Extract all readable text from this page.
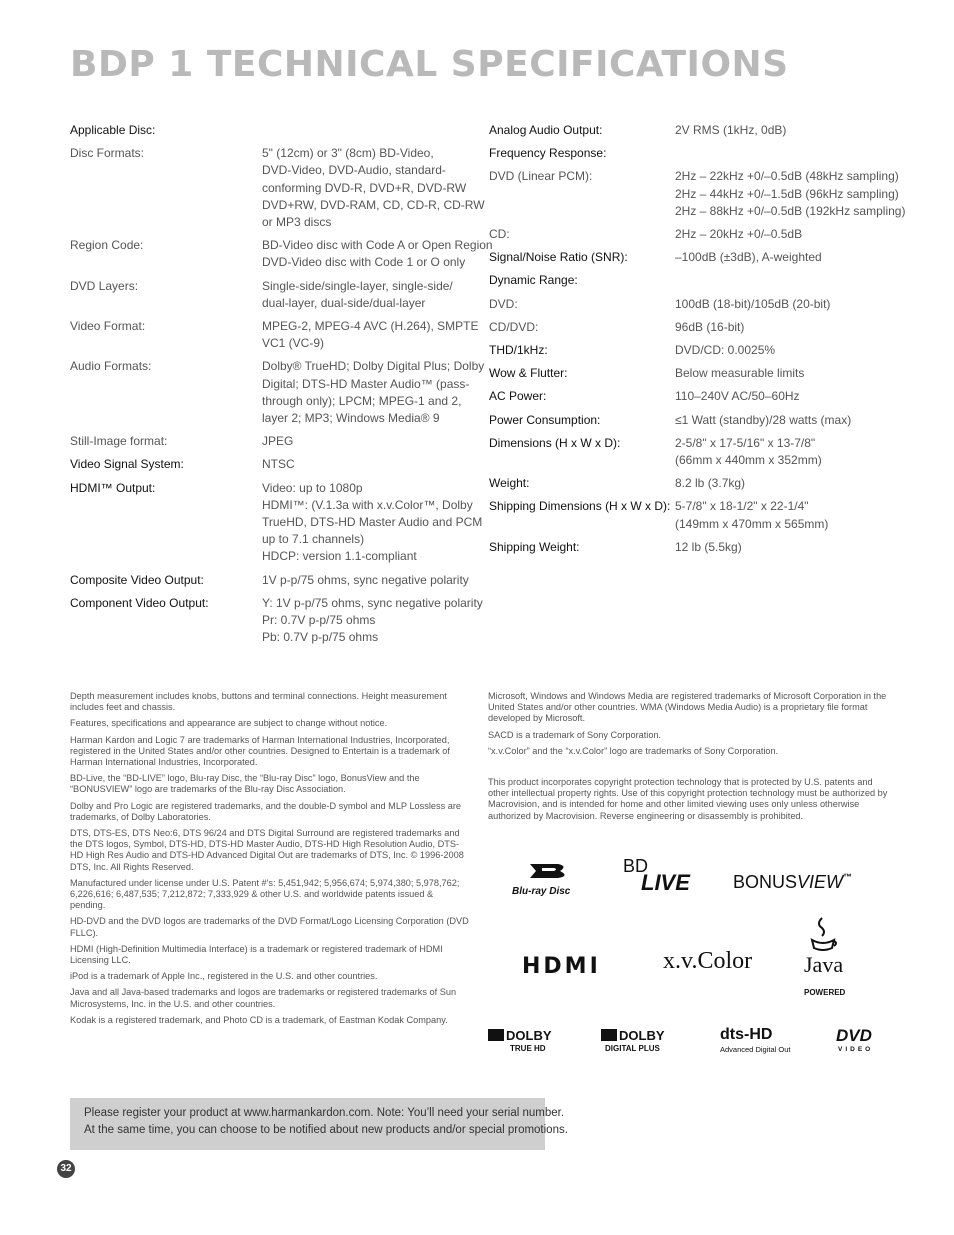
BDP 1 TECHNICAL SPECIFICATIONS
Applicable Disc:
Disc Formats:	5" (12cm) or 3" (8cm) BD-Video,
DVD-Video, DVD-Audio, standard-
conforming DVD-R, DVD+R, DVD-RW
DVD+RW, DVD-RAM, CD, CD-R, CD-RW
or MP3 discs
Region Code:	BD-Video disc with Code A or Open Region
DVD-Video disc with Code 1 or O only
DVD Layers:	Single-side/single-layer, single-side/
dual-layer, dual-side/dual-layer
Video Format:	MPEG-2, MPEG-4 AVC (H.264), SMPTE
VC1 (VC-9)
Audio Formats:	Dolby® TrueHD; Dolby Digital Plus; Dolby
Digital; DTS-HD Master Audio™ (pass-
through only); LPCM; MPEG-1 and 2,
layer 2; MP3; Windows Media® 9
Still-Image format:	JPEG
Video Signal System:	NTSC
HDMI™ Output:	Video: up to 1080p
HDMI™: (V.1.3a with x.v.Color™, Dolby
TrueHD, DTS-HD Master Audio and PCM
up to 7.1 channels)
HDCP: version 1.1-compliant
Composite Video Output:	1V p-p/75 ohms, sync negative polarity
Component Video Output:	Y: 1V p-p/75 ohms, sync negative polarity
Pr: 0.7V p-p/75 ohms
Pb: 0.7V p-p/75 ohms
Analog Audio Output:	2V RMS (1kHz, 0dB)
Frequency Response:
DVD (Linear PCM):	2Hz – 22kHz +0/–0.5dB (48kHz sampling)
2Hz – 44kHz +0/–1.5dB (96kHz sampling)
2Hz – 88kHz +0/–0.5dB (192kHz sampling)
CD:	2Hz – 20kHz +0/–0.5dB
Signal/Noise Ratio (SNR):	–100dB (±3dB), A-weighted
Dynamic Range:
DVD:	100dB (18-bit)/105dB (20-bit)
CD/DVD:	96dB (16-bit)
THD/1kHz:	DVD/CD: 0.0025%
Wow & Flutter:	Below measurable limits
AC Power:	110–240V AC/50–60Hz
Power Consumption:	≤1 Watt (standby)/28 watts (max)
Dimensions (H x W x D):	2-5/8" x 17-5/16" x 13-7/8"
(66mm x 440mm x 352mm)
Weight:	8.2 lb (3.7kg)
Shipping Dimensions (H x W x D): 5-7/8" x 18-1/2" x 22-1/4"
(149mm x 470mm x 565mm)
Shipping Weight:	12 lb (5.5kg)

Depth measurement includes knobs, buttons and terminal connections. Height measurement includes feet and chassis.

Features, specifications and appearance are subject to change without notice.

Harman Kardon and Logic 7 are trademarks of Harman International Industries, Incorporated, registered in the United States and/or other countries. Designed to Entertain is a trademark of Harman International Industries, Incorporated.

BD-Live, the “BD-LIVE” logo, Blu-ray Disc, the “Blu-ray Disc” logo, BonusView and the “BONUSVIEW” logo are trademarks of the Blu-ray Disc Association.

Dolby and Pro Logic are registered trademarks, and the double-D symbol and MLP Lossless are trademarks, of Dolby Laboratories.

DTS, DTS-ES, DTS Neo:6, DTS 96/24 and DTS Digital Surround are registered trademarks and the DTS logos, Symbol, DTS-HD, DTS-HD Master Audio, DTS-HD High Resolution Audio, DTS-HD High Res Audio and DTS-HD Advanced Digital Out are trademarks of DTS, Inc. © 1996-2008 DTS, Inc. All Rights Reserved.

Manufactured under license under U.S. Patent #'s: 5,451,942; 5,956,674; 5,974,380; 5,978,762; 6,226,616; 6,487,535; 7,212,872; 7,333,929 & other U.S. and worldwide patents issued & pending.

HD-DVD and the DVD logos are trademarks of the DVD Format/Logo Licensing Corporation (DVD FLLC).

HDMI (High-Definition Multimedia Interface) is a trademark or registered trademark of HDMI Licensing LLC.

iPod is a trademark of Apple Inc., registered in the U.S. and other countries.

Java and all Java-based trademarks and logos are trademarks or registered trademarks of Sun Microsystems, Inc. in the U.S. and other countries.

Kodak is a registered trademark, and Photo CD is a trademark, of Eastman Kodak Company.

Microsoft, Windows and Windows Media are registered trademarks of Microsoft Corporation in the United States and/or other countries. WMA (Windows Media Audio) is a proprietary file format developed by Microsoft.

SACD is a trademark of Sony Corporation.

“x.v.Color” and the “x.v.Color” logo are trademarks of Sony Corporation.

This product incorporates copyright protection technology that is protected by U.S. patents and other intellectual property rights. Use of this copyright protection technology must be authorized by Macrovision, and is intended for home and other limited viewing uses only unless otherwise authorized by Macrovision. Reverse engineering or disassembly is prohibited.

Blu-ray Disc
BD
LIVE BONUSVIEW™
HDMI	x.v.Color Java
POWERED
DOLBY
TRUE HD
DOLBY
DIGITAL PLUS
dts-HD
Advanced Digital Out
DVD
VIDEO
Please register your product at www.harmankardon.com. Note: You’ll need your serial number.
At the same time, you can choose to be notified about new products and/or special promotions.
32
